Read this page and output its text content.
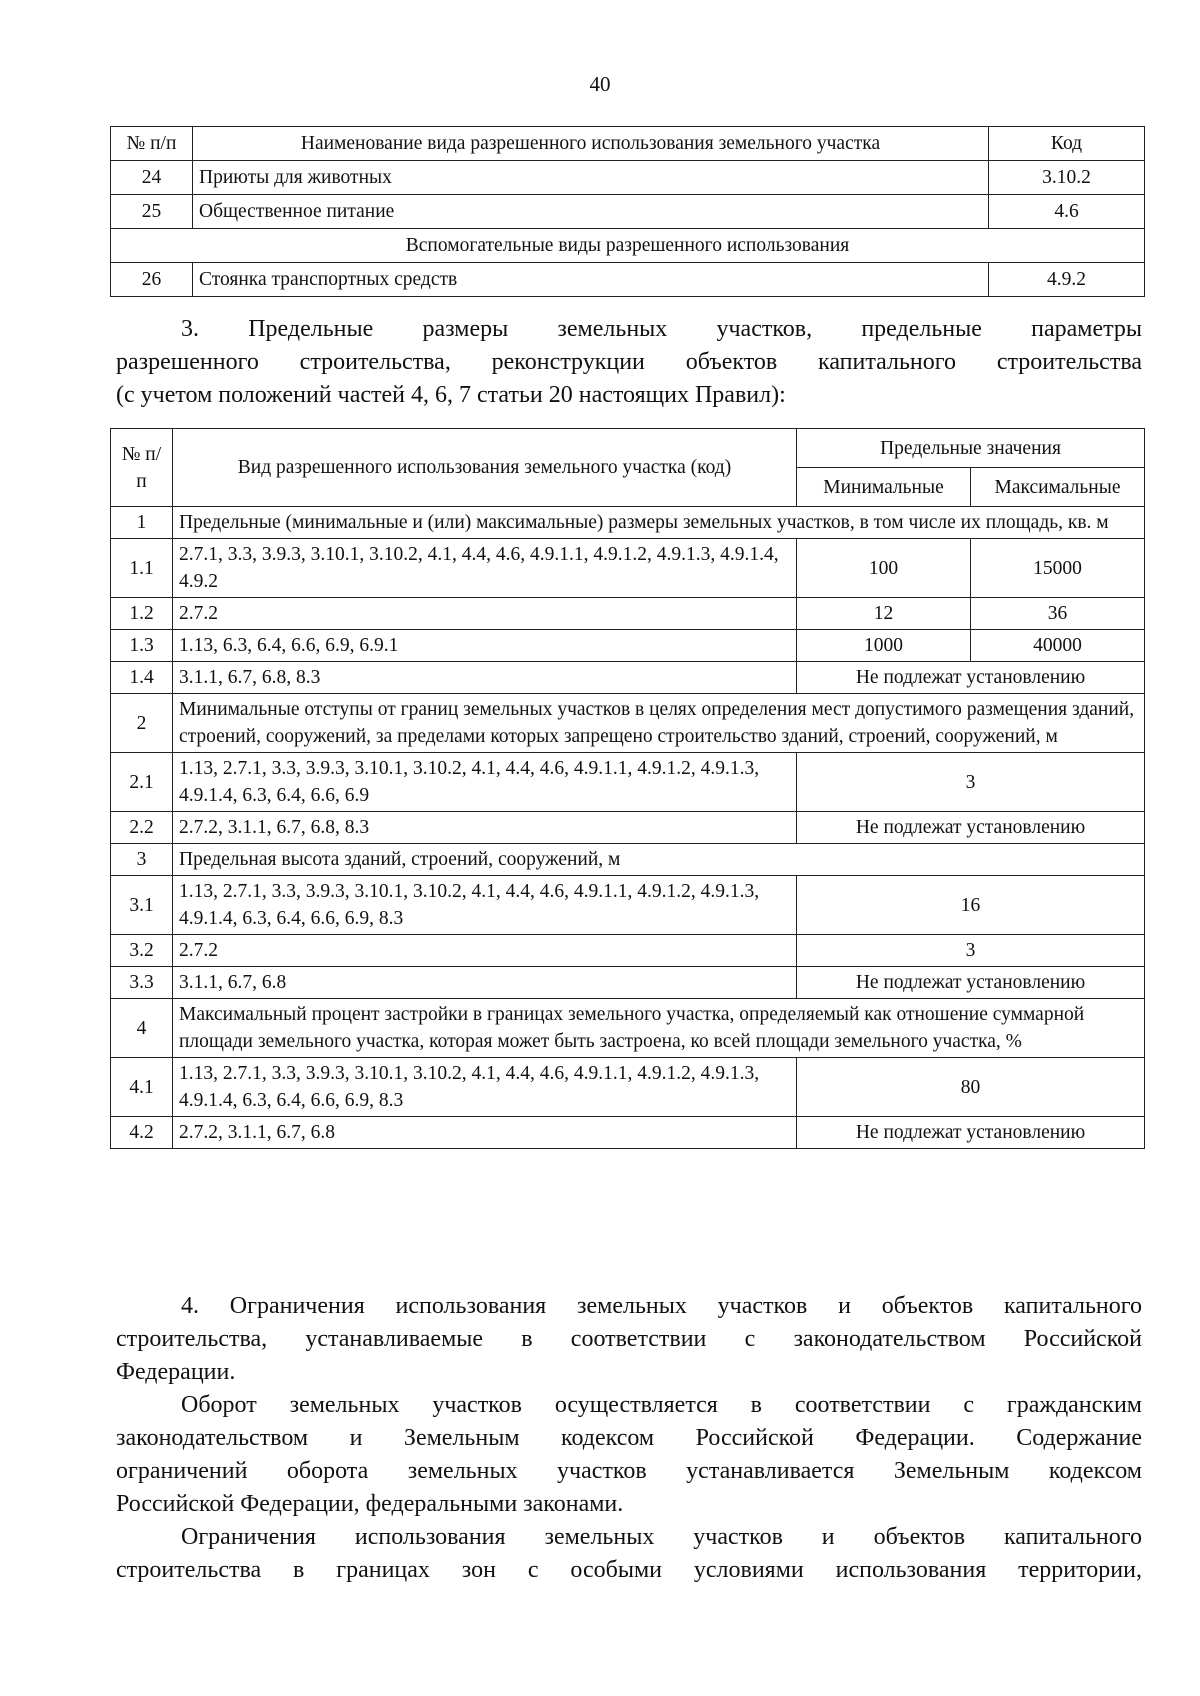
40
№ п/п	Наименование вида разрешенного использования земельного участка	Код
24	Приюты для животных	3.10.2
25	Общественное питание	4.6
Вспомогательные виды разрешенного использования		
26	Стоянка транспортных средств	4.9.2
3. Предельные размеры земельных участков, предельные параметры
разрешенного строительства, реконструкции объектов капитального строительства
(с учетом положений частей 4, 6, 7 статьи 20 настоящих Правил):
№ п/п	Вид разрешенного использования земельного участка (код)	Предельные значения	
		Минимальные	Максимальные
1	Предельные (минимальные и (или) максимальные) размеры земельных участков, в том числе их площадь, кв. м		
1.1	2.7.1, 3.3, 3.9.3, 3.10.1, 3.10.2, 4.1, 4.4, 4.6, 4.9.1.1, 4.9.1.2, 4.9.1.3, 4.9.1.4, 4.9.2	100	15000
1.2	2.7.2	12	36
1.3	1.13, 6.3, 6.4, 6.6, 6.9, 6.9.1	1000	40000
1.4	3.1.1, 6.7, 6.8, 8.3	Не подлежат установлению	
2	Минимальные отступы от границ земельных участков в целях определения мест допустимого размещения зданий, строений, сооружений, за пределами которых запрещено строительство зданий, строений, сооружений, м		
2.1	1.13, 2.7.1, 3.3, 3.9.3, 3.10.1, 3.10.2, 4.1, 4.4, 4.6, 4.9.1.1, 4.9.1.2, 4.9.1.3, 4.9.1.4, 6.3, 6.4, 6.6, 6.9	3	
2.2	2.7.2, 3.1.1, 6.7, 6.8, 8.3	Не подлежат установлению	
3	Предельная высота зданий, строений, сооружений, м		
3.1	1.13, 2.7.1, 3.3, 3.9.3, 3.10.1, 3.10.2, 4.1, 4.4, 4.6, 4.9.1.1, 4.9.1.2, 4.9.1.3, 4.9.1.4, 6.3, 6.4, 6.6, 6.9, 8.3	16	
3.2	2.7.2	3	
3.3	3.1.1, 6.7, 6.8	Не подлежат установлению	
4	Максимальный процент застройки в границах земельного участка, определяемый как отношение суммарной площади земельного участка, которая может быть застроена, ко всей площади земельного участка, %		
4.1	1.13, 2.7.1, 3.3, 3.9.3, 3.10.1, 3.10.2, 4.1, 4.4, 4.6, 4.9.1.1, 4.9.1.2, 4.9.1.3, 4.9.1.4, 6.3, 6.4, 6.6, 6.9, 8.3	80	
4.2	2.7.2, 3.1.1, 6.7, 6.8	Не подлежат установлению	
4. Ограничения использования земельных участков и объектов капитального
строительства, устанавливаемые в соответствии с законодательством Российской
Федерации.
Оборот земельных участков осуществляется в соответствии с гражданским
законодательством и Земельным кодексом Российской Федерации. Содержание
ограничений оборота земельных участков устанавливается Земельным кодексом
Российской Федерации, федеральными законами.
Ограничения использования земельных участков и объектов капитального
строительства в границах зон с особыми условиями использования территории,
